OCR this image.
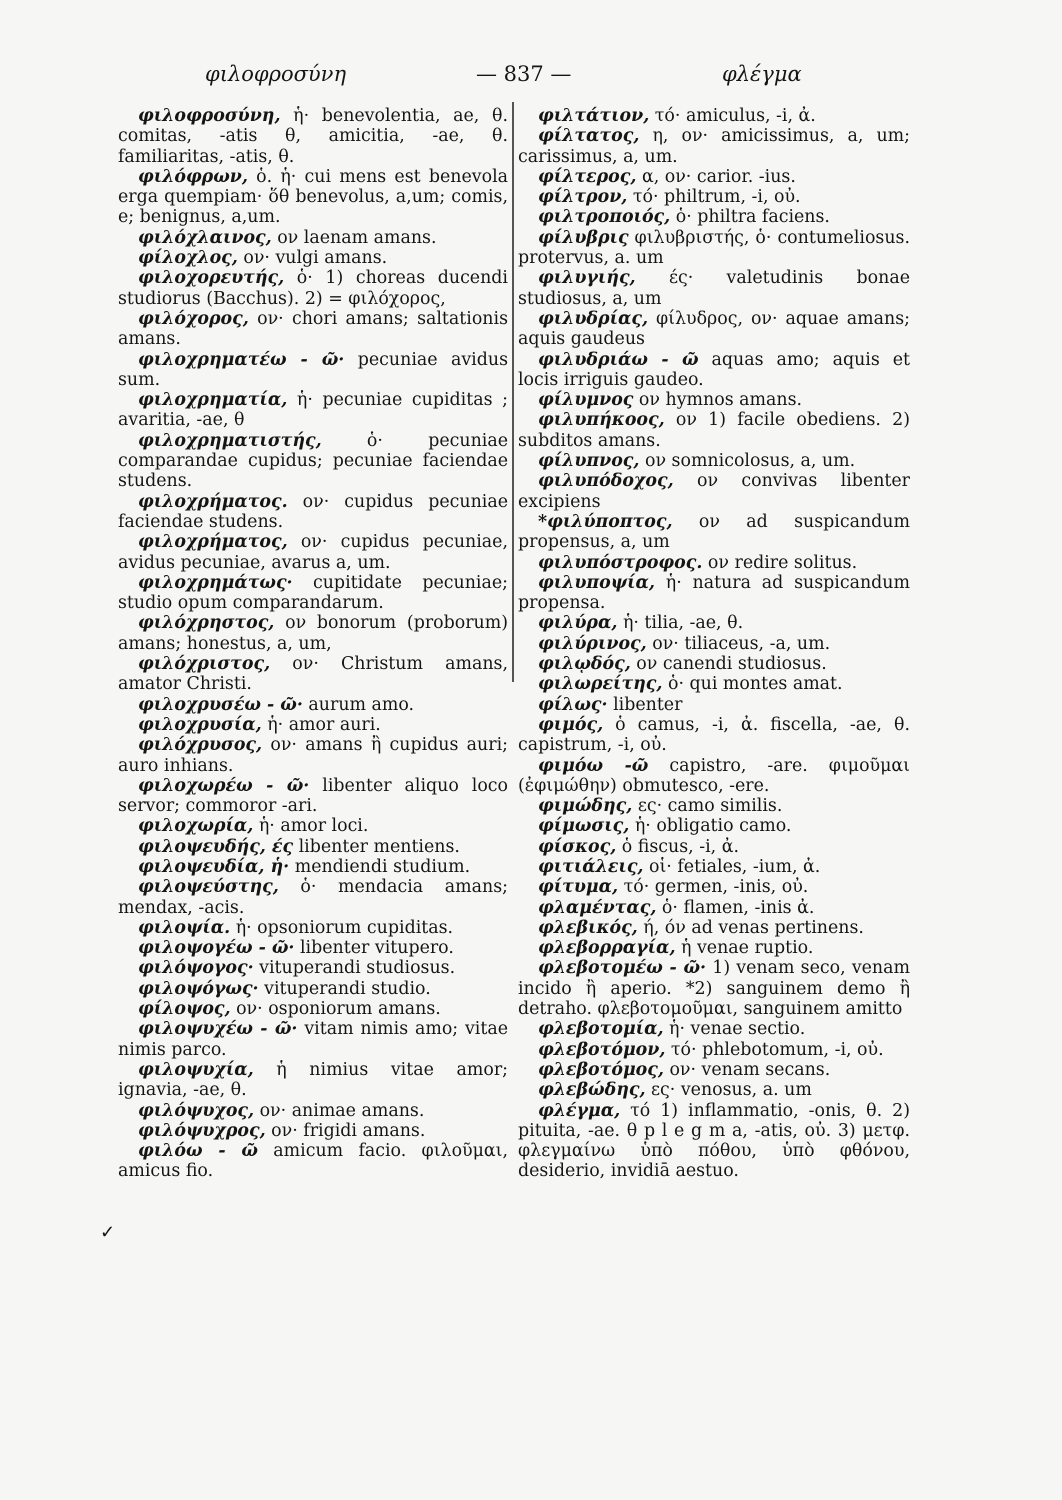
φιλοφροσύνη	— 837 —	φλέγμα
✓

φιλοφροσύνη, ἡ· benevolentia, ae, θ. comitas, -atis θ, amicitia, -ae, θ. familiaritas, -atis, θ.

φιλόφρων, ὁ. ἡ· cui mens est benevola erga quempiam· ὅθ benevolus, a,um; comis, e; benignus, a,um.

φιλόχλαινος, ον laenam amans.

φίλοχλος, ον· vulgi amans.

φιλοχορευτής, ὁ· 1) choreas ducendi studiorus (Bacchus). 2) = φιλόχορος,

φιλόχορος, ον· chori amans; saltationis amans.

φιλοχρηματέω - ῶ· pecuniae avidus sum.

φιλοχρηματία, ἡ· pecuniae cupiditas ; avaritia, -ae, θ

φιλοχρηματιστής, ὁ· pecuniae comparandae cupidus; pecuniae faciendae studens.

φιλοχρήματος. ον· cupidus pecuniae faciendae studens.

φιλοχρήματος, ον· cupidus pecuniae, avidus pecuniae, avarus a, um.

φιλοχρημάτως· cupitidate pecuniae; studio opum comparandarum.

φιλόχρηστος, ον bonorum (proborum) amans; honestus, a, um,

φιλόχριστος, ον· Christum amans, amator Christi.

φιλοχρυσέω - ῶ· aurum amo.

φιλοχρυσία, ἡ· amor auri.

φιλόχρυσος, ον· amans ἢ cupidus auri; auro inhians.

φιλοχωρέω - ῶ· libenter aliquo loco servor; commoror -ari.

φιλοχωρία, ἡ· amor loci.

φιλοψευδής, ές libenter mentiens.

φιλοψευδία, ἡ· mendiendi studium.

φιλοψεύστης, ὁ· mendacia amans; mendax, -acis.

φιλοψία. ἡ· opsoniorum cupiditas.

φιλοψογέω - ῶ· libenter vitupero.

φιλόψογος· vituperandi studiosus.

φιλοψόγως· vituperandi studio.

φίλοψος, ον· osponiorum amans.

φιλοψυχέω - ῶ· vitam nimis amo; vitae nimis parco.

φιλοψυχία, ἡ nimius vitae amor; ignavia, -ae, θ.

φιλόψυχος, ον· animae amans.

φιλόψυχρος, ον· frigidi amans.

φιλόω - ῶ amicum facio. φιλοῦμαι, amicus fio.

φιλτάτιον, τό· amiculus, -i, ἀ.

φίλτατος, η, ον· amicissimus, a, um; carissimus, a, um.

φίλτερος, α, ον· carior. -ius.

φίλτρον, τό· philtrum, -i, οὐ.

φιλτροποιός, ὁ· philtra faciens.

φίλυβρις φιλυβριστής, ὁ· contumeliosus. protervus, a. um

φιλυγιής, ές· valetudinis bonae studiosus, a, um

φιλυδρίας, φίλυδρος, ον· aquae amans; aquis gaudeus

φιλυδριάω - ῶ aquas amo; aquis et locis irriguis gaudeo.

φίλυμνος ον hymnos amans.

φιλυπήκοος, ον 1) facile obediens. 2) subditos amans.

φίλυπνος, ον somnicolosus, a, um.

φιλυπόδοχος, ον convivas libenter excipiens

*φιλύποπτος, ον ad suspicandum propensus, a, um

φιλυπόστροφος. ον redire solitus.

φιλυποψία, ἡ· natura ad suspicandum propensa.

φιλύρα, ἡ· tilia, -ae, θ.

φιλύρινος, ον· tiliaceus, -a, um.

φιλῳδός, ον canendi studiosus.

φιλωρείτης, ὁ· qui montes amat.

φίλως· libenter

φιμός, ὁ camus, -i, ἀ. fiscella, -ae, θ. capistrum, -i, οὐ.

φιμόω -ῶ capistro, -are. φιμοῦμαι (ἐφιμώθην) obmutesco, -ere.

φιμώδης, ες· camo similis.

φίμωσις, ἡ· obligatio camo.

φίσκος, ὁ fiscus, -i, ἀ.

φιτιάλεις, οἱ· fetiales, -ium, ἀ.

φίτυμα, τό· germen, -inis, οὐ.

φλαμέντας, ὁ· flamen, -inis ἀ.

φλεβικός, ή, όν ad venas pertinens.

φλεβορραγία, ἡ venae ruptio.

φλεβοτομέω - ῶ· 1) venam seco, venam incido ἢ aperio. *2) sanguinem demo ἢ detraho. φλεβοτομοῦμαι, sanguinem amitto

φλεβοτομία, ἡ· venae sectio.

φλεβοτόμον, τό· phlebotomum, -i, οὐ.

φλεβοτόμος, ον· venam secans.

φλεβώδης, ες· venosus, a. um

φλέγμα, τό 1) inflammatio, -onis, θ. 2) pituita, -ae. θ p l e g m a, -atis, οὐ. 3) μετφ. φλεγμαίνω ὑπὸ πόθου, ὑπὸ φθόνου, desiderio, invidiā aestuo.
